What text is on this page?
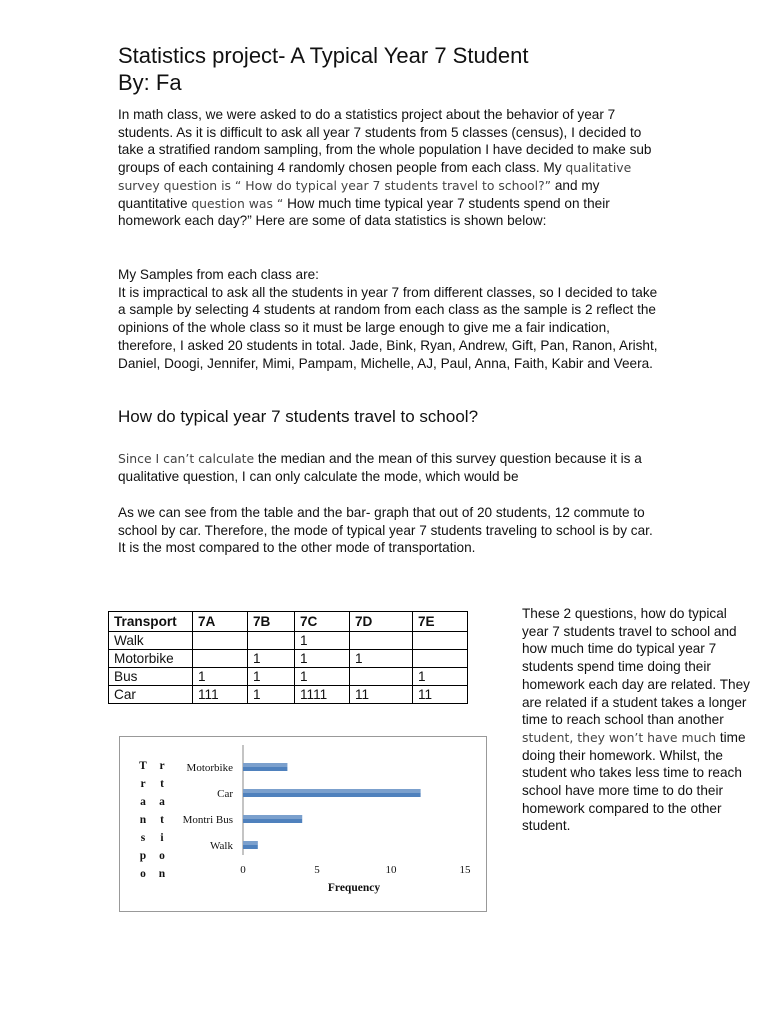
Statistics project- A Typical Year 7 Student
By: Fa

In math class, we were asked to do a statistics project about the behavior of year 7 students. As it is difficult to ask all year 7 students from 5 classes (census), I decided to take a stratified random sampling, from the whole population I have decided to make sub groups of each containing 4 randomly chosen people from each class. My qualitative survey question is “ How do typical year 7 students travel to school?” and my quantitative question was “ How much time typical year 7 students spend on their homework each day?” Here are some of data statistics is shown below:

My Samples from each class are:
It is impractical to ask all the students in year 7 from different classes, so I decided to take a sample by selecting 4 students at random from each class as the sample is 2 reflect the opinions of the whole class so it must be large enough to give me a fair indication, therefore, I asked 20 students in total. Jade, Bink, Ryan, Andrew, Gift, Pan, Ranon, Arisht, Daniel, Doogi, Jennifer, Mimi, Pampam, Michelle, AJ, Paul, Anna, Faith, Kabir and Veera.

How do typical year 7 students travel to school?

Since I can’t calculate the median and the mean of this survey question because it is a qualitative question, I can only calculate the mode, which would be

As we can see from the table and the bar- graph that out of 20 students, 12 commute to school by car. Therefore, the mode of typical year 7 students traveling to school is by car. It is the most compared to the other mode of transportation.

Transport	7A	7B	7C	7D	7E
Walk			1		
Motorbike		1	1	1	
Bus	1	1	1		1
Car	111	1	1111	11	11

These 2 questions, how do typical year 7 students travel to school and how much time do typical year 7 students spend time doing their homework each day are related. They are related if a student takes a longer time to reach school than another student, they won’t have much time doing their homework. Whilst, the student who takes less time to reach school have more time to do their homework compared to the other student.

Motorbike
Car
Montri Bus
Walk
0	5	10	15
Frequency
T
r
a
n
s
p
o
r
t
a
t
i
o
n
